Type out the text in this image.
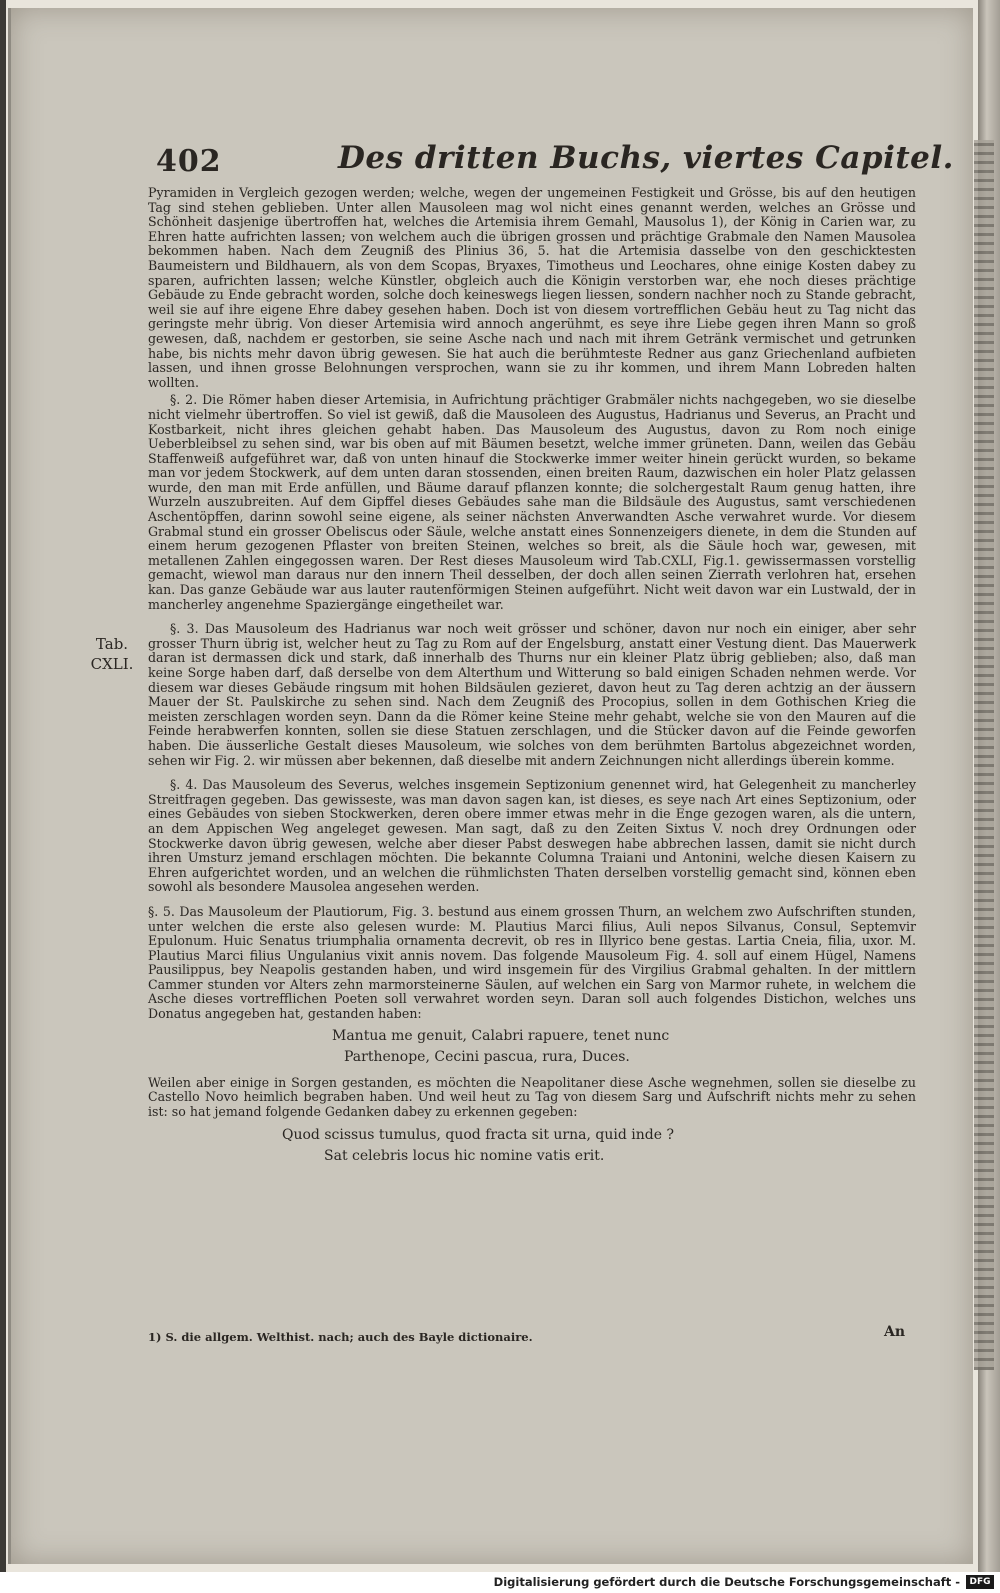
402	Des dritten Buchs, viertes Capitel.
Tab.
CXLI.

Pyramiden in Vergleich gezogen werden; welche, wegen der ungemeinen Festigkeit und Grösse, bis auf den heutigen Tag sind stehen geblieben. Unter allen Mausoleen mag wol nicht eines genannt werden, welches an Grösse und Schönheit dasjenige übertroffen hat, welches die Artemisia ihrem Gemahl, Mausolus 1), der König in Carien war, zu Ehren hatte aufrichten lassen; von welchem auch die übrigen grossen und prächtige Grabmale den Namen Mausolea bekommen haben. Nach dem Zeugniß des Plinius 36, 5. hat die Artemisia dasselbe von den geschicktesten Baumeistern und Bildhauern, als von dem Scopas, Bryaxes, Timotheus und Leochares, ohne einige Kosten dabey zu sparen, aufrichten lassen; welche Künstler, obgleich auch die Königin verstorben war, ehe noch dieses prächtige Gebäude zu Ende gebracht worden, solche doch keineswegs liegen liessen, sondern nachher noch zu Stande gebracht, weil sie auf ihre eigene Ehre dabey gesehen haben. Doch ist von diesem vortrefflichen Gebäu heut zu Tag nicht das geringste mehr übrig. Von dieser Artemisia wird annoch angerühmt, es seye ihre Liebe gegen ihren Mann so groß gewesen, daß, nachdem er gestorben, sie seine Asche nach und nach mit ihrem Getränk vermischet und getrunken habe, bis nichts mehr davon übrig gewesen. Sie hat auch die berühmteste Redner aus ganz Griechenland aufbieten lassen, und ihnen grosse Belohnungen versprochen, wann sie zu ihr kommen, und ihrem Mann Lobreden halten wollten.

§. 2. Die Römer haben dieser Artemisia, in Aufrichtung prächtiger Grabmäler nichts nachgegeben, wo sie dieselbe nicht vielmehr übertroffen. So viel ist gewiß, daß die Mausoleen des Augustus, Hadrianus und Severus, an Pracht und Kostbarkeit, nicht ihres gleichen gehabt haben. Das Mausoleum des Augustus, davon zu Rom noch einige Ueberbleibsel zu sehen sind, war bis oben auf mit Bäumen besetzt, welche immer grüneten. Dann, weilen das Gebäu Staffenweiß aufgeführet war, daß von unten hinauf die Stockwerke immer weiter hinein gerückt wurden, so bekame man vor jedem Stockwerk, auf dem unten daran stossenden, einen breiten Raum, dazwischen ein holer Platz gelassen wurde, den man mit Erde anfüllen, und Bäume darauf pflanzen konnte; die solchergestalt Raum genug hatten, ihre Wurzeln auszubreiten. Auf dem Gipffel dieses Gebäudes sahe man die Bildsäule des Augustus, samt verschiedenen Aschentöpffen, darinn sowohl seine eigene, als seiner nächsten Anverwandten Asche verwahret wurde. Vor diesem Grabmal stund ein grosser Obeliscus oder Säule, welche anstatt eines Sonnenzeigers dienete, in dem die Stunden auf einem herum gezogenen Pflaster von breiten Steinen, welches so breit, als die Säule hoch war, gewesen, mit metallenen Zahlen eingegossen waren. Der Rest dieses Mausoleum wird Tab.CXLI, Fig.1. gewissermassen vorstellig gemacht, wiewol man daraus nur den innern Theil desselben, der doch allen seinen Zierrath verlohren hat, ersehen kan. Das ganze Gebäude war aus lauter rautenförmigen Steinen aufgeführt. Nicht weit davon war ein Lustwald, der in mancherley angenehme Spaziergänge eingetheilet war.

§. 3. Das Mausoleum des Hadrianus war noch weit grösser und schöner, davon nur noch ein einiger, aber sehr grosser Thurn übrig ist, welcher heut zu Tag zu Rom auf der Engelsburg, anstatt einer Vestung dient. Das Mauerwerk daran ist dermassen dick und stark, daß innerhalb des Thurns nur ein kleiner Platz übrig geblieben; also, daß man keine Sorge haben darf, daß derselbe von dem Alterthum und Witterung so bald einigen Schaden nehmen werde. Vor diesem war dieses Gebäude ringsum mit hohen Bildsäulen gezieret, davon heut zu Tag deren achtzig an der äussern Mauer der St. Paulskirche zu sehen sind. Nach dem Zeugniß des Procopius, sollen in dem Gothischen Krieg die meisten zerschlagen worden seyn. Dann da die Römer keine Steine mehr gehabt, welche sie von den Mauren auf die Feinde herabwerfen konnten, sollen sie diese Statuen zerschlagen, und die Stücker davon auf die Feinde geworfen haben. Die äusserliche Gestalt dieses Mausoleum, wie solches von dem berühmten Bartolus abgezeichnet worden, sehen wir Fig. 2. wir müssen aber bekennen, daß dieselbe mit andern Zeichnungen nicht allerdings überein komme.

§. 4. Das Mausoleum des Severus, welches insgemein Septizonium genennet wird, hat Gelegenheit zu mancherley Streitfragen gegeben. Das gewisseste, was man davon sagen kan, ist dieses, es seye nach Art eines Septizonium, oder eines Gebäudes von sieben Stockwerken, deren obere immer etwas mehr in die Enge gezogen waren, als die untern, an dem Appischen Weg angeleget gewesen. Man sagt, daß zu den Zeiten Sixtus V. noch drey Ordnungen oder Stockwerke davon übrig gewesen, welche aber dieser Pabst deswegen habe abbrechen lassen, damit sie nicht durch ihren Umsturz jemand erschlagen möchten. Die bekannte Columna Traiani und Antonini, welche diesen Kaisern zu Ehren aufgerichtet worden, und an welchen die rühmlichsten Thaten derselben vorstellig gemacht sind, können eben sowohl als besondere Mausolea angesehen werden.

§. 5. Das Mausoleum der Plautiorum, Fig. 3. bestund aus einem grossen Thurn, an welchem zwo Aufschriften stunden, unter welchen die erste also gelesen wurde: M. Plautius Marci filius, Auli nepos Silvanus, Consul, Septemvir Epulonum. Huic Senatus triumphalia ornamenta decrevit, ob res in Illyrico bene gestas. Lartia Cneia, filia, uxor. M. Plautius Marci filius Ungulanius vixit annis novem. Das folgende Mausoleum Fig. 4. soll auf einem Hügel, Namens Pausilippus, bey Neapolis gestanden haben, und wird insgemein für des Virgilius Grabmal gehalten. In der mittlern Cammer stunden vor Alters zehn marmorsteinerne Säulen, auf welchen ein Sarg von Marmor ruhete, in welchem die Asche dieses vortrefflichen Poeten soll verwahret worden seyn. Daran soll auch folgendes Distichon, welches uns Donatus angegeben hat, gestanden haben:

Mantua me genuit, Calabri rapuere, tenet nunc
Parthenope, Cecini pascua, rura, Duces.

Weilen aber einige in Sorgen gestanden, es möchten die Neapolitaner diese Asche wegnehmen, sollen sie dieselbe zu Castello Novo heimlich begraben haben. Und weil heut zu Tag von diesem Sarg und Aufschrift nichts mehr zu sehen ist: so hat jemand folgende Gedanken dabey zu erkennen gegeben:

Quod scissus tumulus, quod fracta sit urna, quid inde ?
Sat celebris locus hic nomine vatis erit.
1) S. die allgem. Welthist. nach; auch des Bayle dictionaire.	An
Digitalisierung gefördert durch die Deutsche Forschungsgemeinschaft -	DFG
